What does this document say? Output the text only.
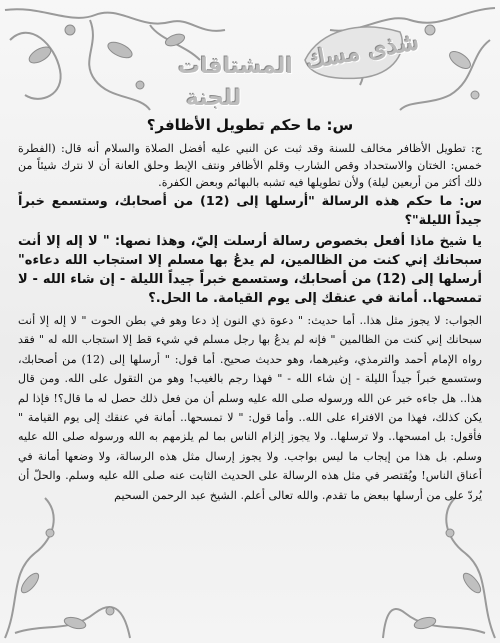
شذى مسك
المشتاقات
للجنة
س: ما حكم تطويل الأظافر؟

ج: تطويل الأظافر مخالف للسنة وقد ثبت عن النبي عليه أفضل الصلاة والسلام أنه قال: (الفطرة خمس: الختان والاستحداد وقص الشارب وقلم الأظافر ونتف الإبط وحلق العانة أن لا نترك شيئاً من ذلك أكثر من أربعين ليلة) ولأن تطويلها فيه تشبه بالبهائم وبعض الكفرة.

س: ما حكم هذه الرسالة "أرسلها إلى (12) من أصحابك، وستسمع خبراً جيداً الليلة"؟

يا شيخ ماذا أفعل بخصوص رسالة أرسلت إليّ، وهذا نصها: " لا إله إلا أنت سبحانك إني كنت من الظالمين، لم يدعُ بها مسلم إلا استجاب الله دعاءه" أرسلها إلى (12) من أصحابك، وستسمع خبراً جيداً الليلة - إن شاء الله - لا تمسحها.. أمانة في عنقك إلى يوم القيامة. ما الحل.؟

الجواب: لا يجوز مثل هذا.. أما حديث: " دعوة ذي النون إذ دعا وهو في بطن الحوت " لا إله إلا أنت سبحانك إني كنت من الظالمين " فإنه لم يدعُ بها رجل مسلم في شيء قط إلا استجاب الله له " فقد رواه الإمام أحمد والترمذي، وغيرهما، وهو حديث صحيح. أما قول: " أرسلها إلى (12) من أصحابك، وستسمع خبراً جيداً الليلة - إن شاء الله - " فهذا رجم بالغيب! وهو من التقول على الله. ومن قال هذا.. هل جاءه خبر عن الله ورسوله صلى الله عليه وسلم أن من فعل ذلك حصل له ما قال؟! فإذا لم يكن كذلك، فهذا من الافتراء على الله.. وأما قول: " لا تمسحها.. أمانة في عنقك إلى يوم القيامة " فأقول: بل امسحها.. ولا ترسلها.. ولا يجوز إلزام الناس بما لم يلزمهم به الله ورسوله صلى الله عليه وسلم. بل هذا من إيجاب ما ليس بواجب. ولا يجوز إرسال مثل هذه الرسالة، ولا وضعها أمانة في أعناق الناس! ويُقتصر في مثل هذه الرسالة على الحديث الثابت عنه صلى الله عليه وسلم. والحلّ أن يُردّ على من أرسلها ببعض ما تقدم. والله تعالى أعلم. الشيخ عبد الرحمن السحيم
